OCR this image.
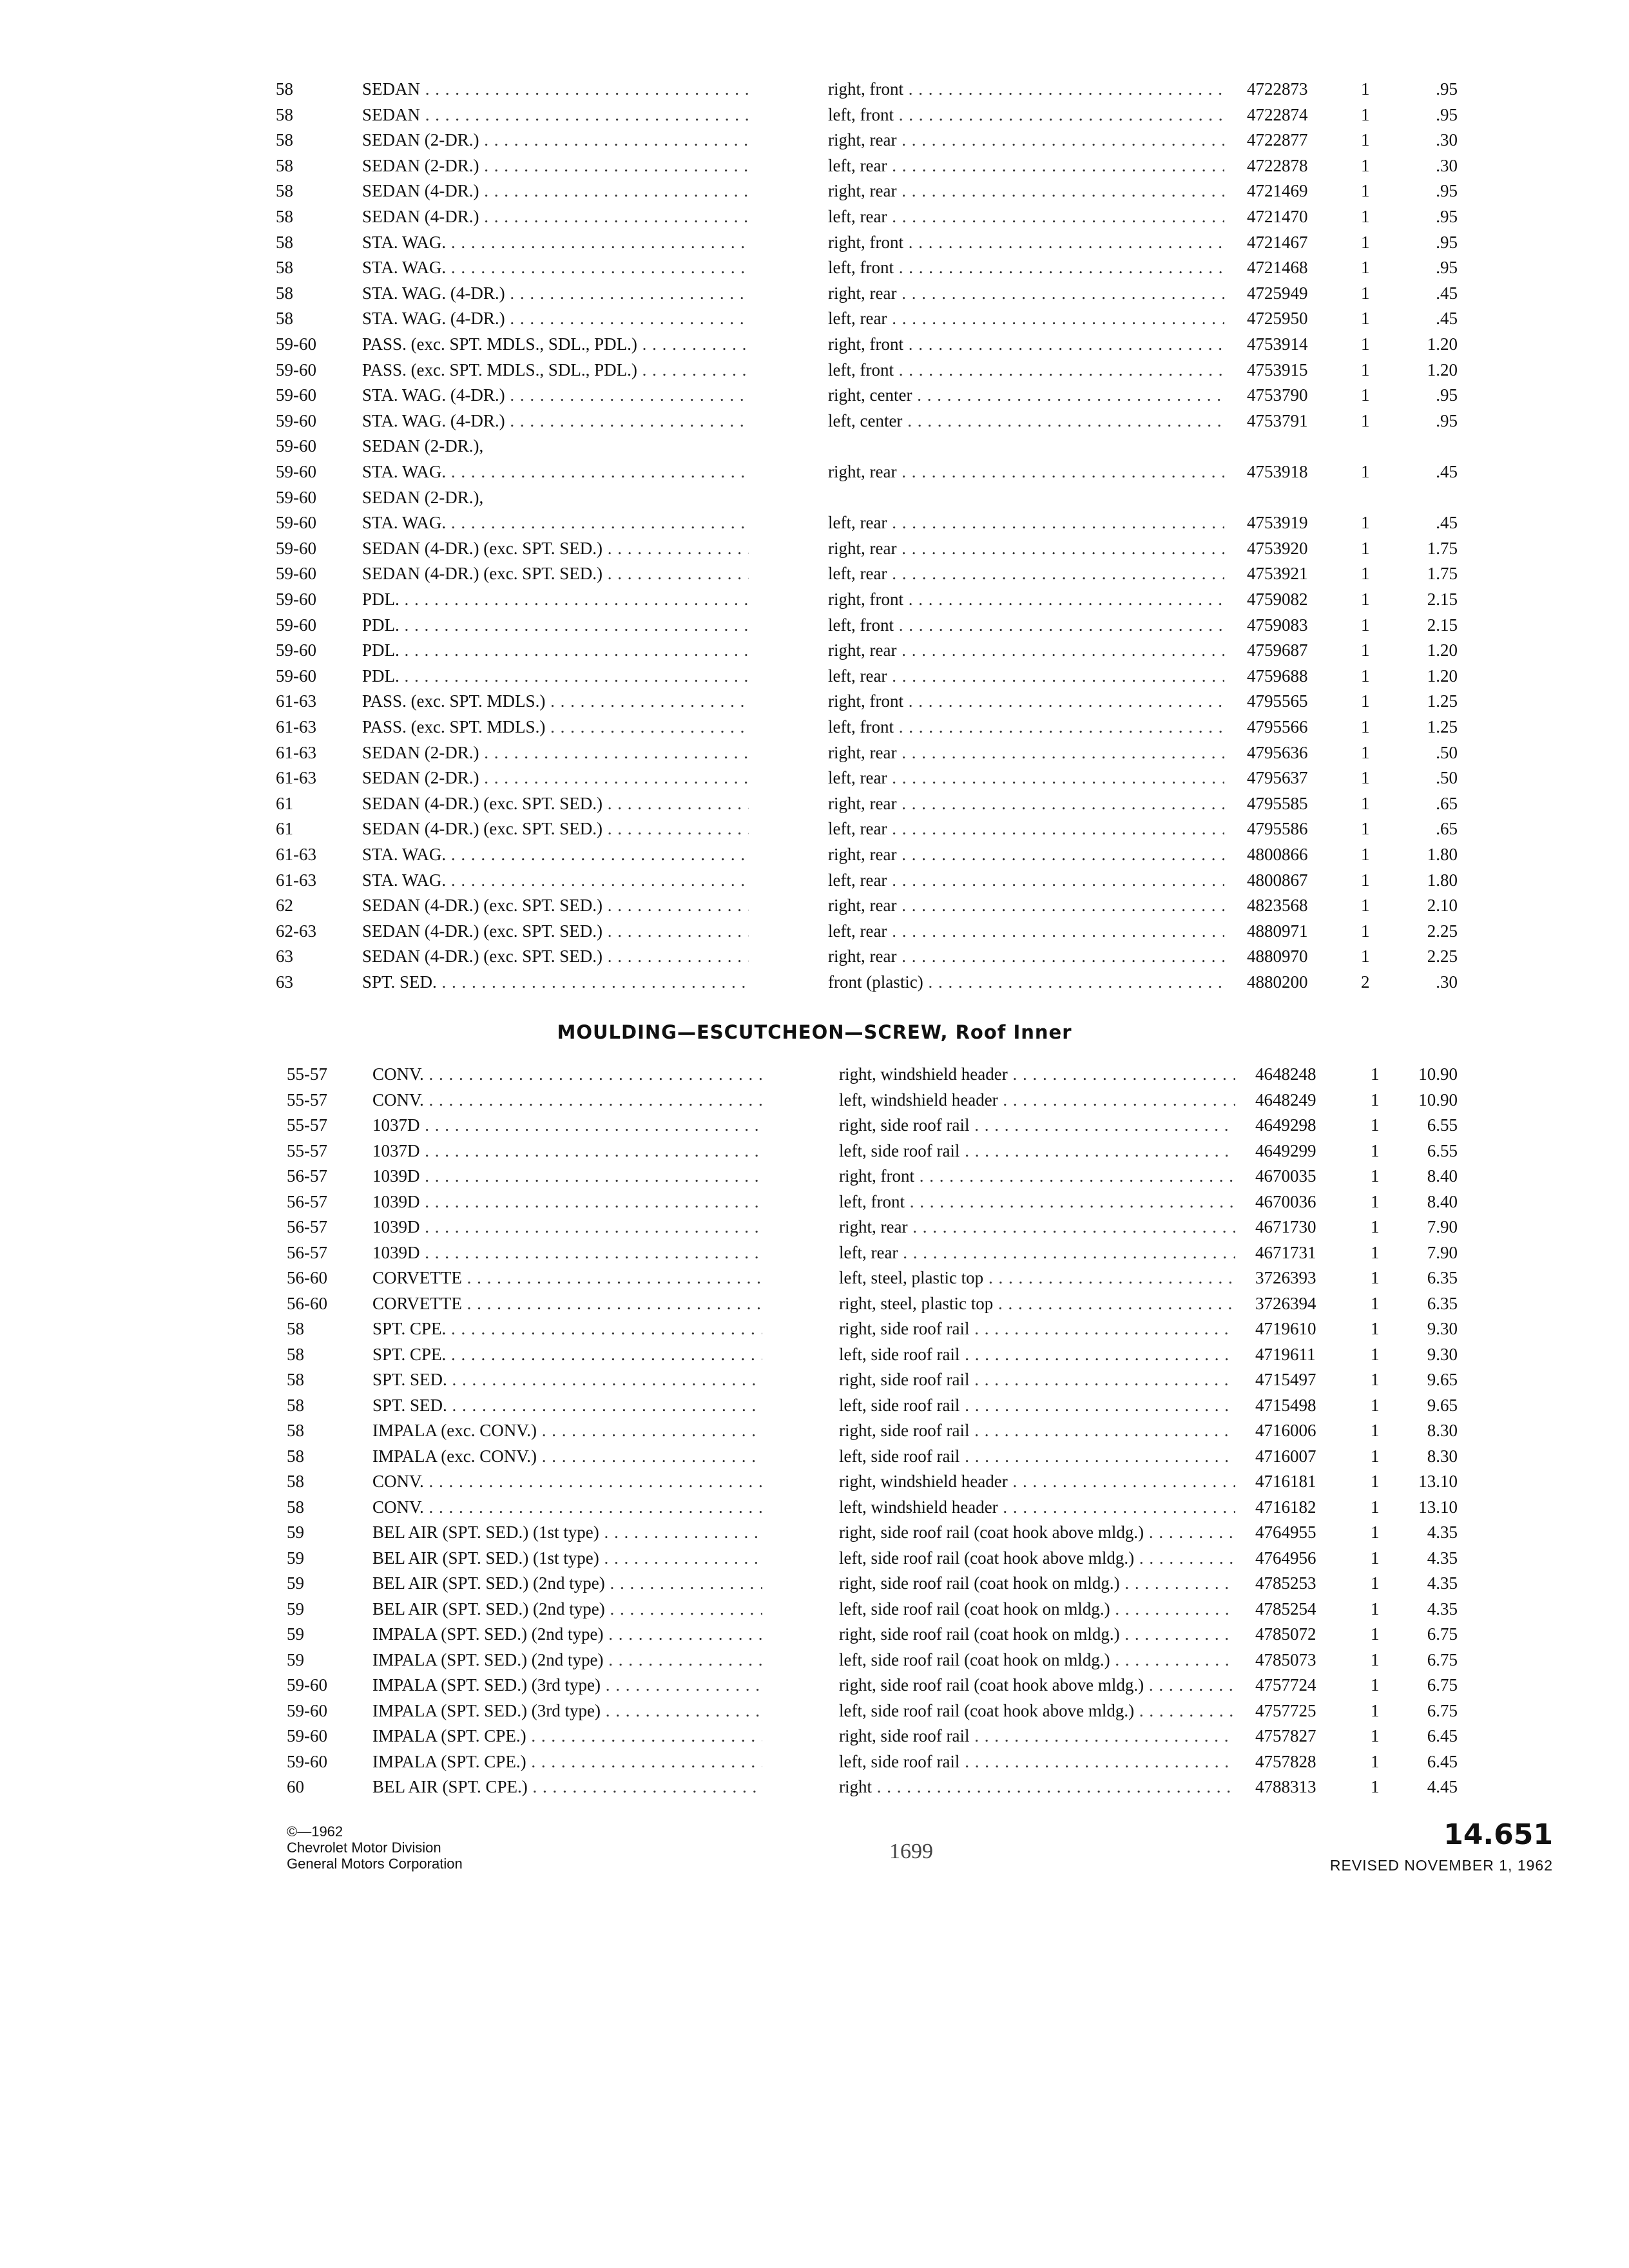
58	SEDAN . . .	right, front . . .	4722873	1	.95
58	SEDAN . . .	left, front . . .	4722874	1	.95
58	SEDAN (2-DR.) . . .	right, rear . . .	4722877	1	.30
58	SEDAN (2-DR.) . . .	left, rear . . .	4722878	1	.30
58	SEDAN (4-DR.) . . .	right, rear . . .	4721469	1	.95
58	SEDAN (4-DR.) . . .	left, rear . . .	4721470	1	.95
58	STA. WAG. . . .	right, front . . .	4721467	1	.95
58	STA. WAG. . . .	left, front . . .	4721468	1	.95
58	STA. WAG. (4-DR.) . . .	right, rear . . .	4725949	1	.45
58	STA. WAG. (4-DR.) . . .	left, rear . . .	4725950	1	.45
59-60	PASS. (exc. SPT. MDLS., SDL., PDL.) . . .	right, front . . .	4753914	1	1.20
59-60	PASS. (exc. SPT. MDLS., SDL., PDL.) . . .	left, front . . .	4753915	1	1.20
59-60	STA. WAG. (4-DR.) . . .	right, center . . .	4753790	1	.95
59-60	STA. WAG. (4-DR.) . . .	left, center . . .	4753791	1	.95
59-60	SEDAN (2-DR.),
59-60	STA. WAG. . . .	right, rear . . .	4753918	1	.45
59-60	SEDAN (2-DR.),
59-60	STA. WAG. . . .	left, rear . . .	4753919	1	.45
59-60	SEDAN (4-DR.) (exc. SPT. SED.) . . .	right, rear . . .	4753920	1	1.75
59-60	SEDAN (4-DR.) (exc. SPT. SED.) . . .	left, rear . . .	4753921	1	1.75
59-60	PDL. . . .	right, front . . .	4759082	1	2.15
59-60	PDL. . . .	left, front . . .	4759083	1	2.15
59-60	PDL. . . .	right, rear . . .	4759687	1	1.20
59-60	PDL. . . .	left, rear . . .	4759688	1	1.20
61-63	PASS. (exc. SPT. MDLS.) . . .	right, front . . .	4795565	1	1.25
61-63	PASS. (exc. SPT. MDLS.) . . .	left, front . . .	4795566	1	1.25
61-63	SEDAN (2-DR.) . . .	right, rear . . .	4795636	1	.50
61-63	SEDAN (2-DR.) . . .	left, rear . . .	4795637	1	.50
61	SEDAN (4-DR.) (exc. SPT. SED.) . . .	right, rear . . .	4795585	1	.65
61	SEDAN (4-DR.) (exc. SPT. SED.) . . .	left, rear . . .	4795586	1	.65
61-63	STA. WAG. . . .	right, rear . . .	4800866	1	1.80
61-63	STA. WAG. . . .	left, rear . . .	4800867	1	1.80
62	SEDAN (4-DR.) (exc. SPT. SED.) . . .	right, rear . . .	4823568	1	2.10
62-63	SEDAN (4-DR.) (exc. SPT. SED.) . . .	left, rear . . .	4880971	1	2.25
63	SEDAN (4-DR.) (exc. SPT. SED.) . . .	right, rear . . .	4880970	1	2.25
63	SPT. SED. . . .	front (plastic) . . .	4880200	2	.30
MOULDING—ESCUTCHEON—SCREW, Roof Inner
55-57	CONV. . . .	right, windshield header . . .	4648248	1	10.90
55-57	CONV. . . .	left, windshield header . . .	4648249	1	10.90
55-57	1037D . . .	right, side roof rail . . .	4649298	1	6.55
55-57	1037D . . .	left, side roof rail . . .	4649299	1	6.55
56-57	1039D . . .	right, front . . .	4670035	1	8.40
56-57	1039D . . .	left, front . . .	4670036	1	8.40
56-57	1039D . . .	right, rear . . .	4671730	1	7.90
56-57	1039D . . .	left, rear . . .	4671731	1	7.90
56-60	CORVETTE . . .	left, steel, plastic top . . .	3726393	1	6.35
56-60	CORVETTE . . .	right, steel, plastic top . . .	3726394	1	6.35
58	SPT. CPE. . . .	right, side roof rail . . .	4719610	1	9.30
58	SPT. CPE. . . .	left, side roof rail . . .	4719611	1	9.30
58	SPT. SED. . . .	right, side roof rail . . .	4715497	1	9.65
58	SPT. SED. . . .	left, side roof rail . . .	4715498	1	9.65
58	IMPALA (exc. CONV.) . . .	right, side roof rail . . .	4716006	1	8.30
58	IMPALA (exc. CONV.) . . .	left, side roof rail . . .	4716007	1	8.30
58	CONV. . . .	right, windshield header . . .	4716181	1	13.10
58	CONV. . . .	left, windshield header . . .	4716182	1	13.10
59	BEL AIR (SPT. SED.) (1st type) . . .	right, side roof rail (coat hook above mldg.) . . .	4764955	1	4.35
59	BEL AIR (SPT. SED.) (1st type) . . .	left, side roof rail (coat hook above mldg.) . . .	4764956	1	4.35
59	BEL AIR (SPT. SED.) (2nd type) . . .	right, side roof rail (coat hook on mldg.) . . .	4785253	1	4.35
59	BEL AIR (SPT. SED.) (2nd type) . . .	left, side roof rail (coat hook on mldg.) . . .	4785254	1	4.35
59	IMPALA (SPT. SED.) (2nd type) . . .	right, side roof rail (coat hook on mldg.) . . .	4785072	1	6.75
59	IMPALA (SPT. SED.) (2nd type) . . .	left, side roof rail (coat hook on mldg.) . . .	4785073	1	6.75
59-60	IMPALA (SPT. SED.) (3rd type) . . .	right, side roof rail (coat hook above mldg.) . . .	4757724	1	6.75
59-60	IMPALA (SPT. SED.) (3rd type) . . .	left, side roof rail (coat hook above mldg.) . . .	4757725	1	6.75
59-60	IMPALA (SPT. CPE.) . . .	right, side roof rail . . .	4757827	1	6.45
59-60	IMPALA (SPT. CPE.) . . .	left, side roof rail . . .	4757828	1	6.45
60	BEL AIR (SPT. CPE.) . . .	right . . .	4788313	1	4.45
©—1962
Chevrolet Motor Division
General Motors Corporation
1699
14.651
REVISED NOVEMBER 1, 1962
